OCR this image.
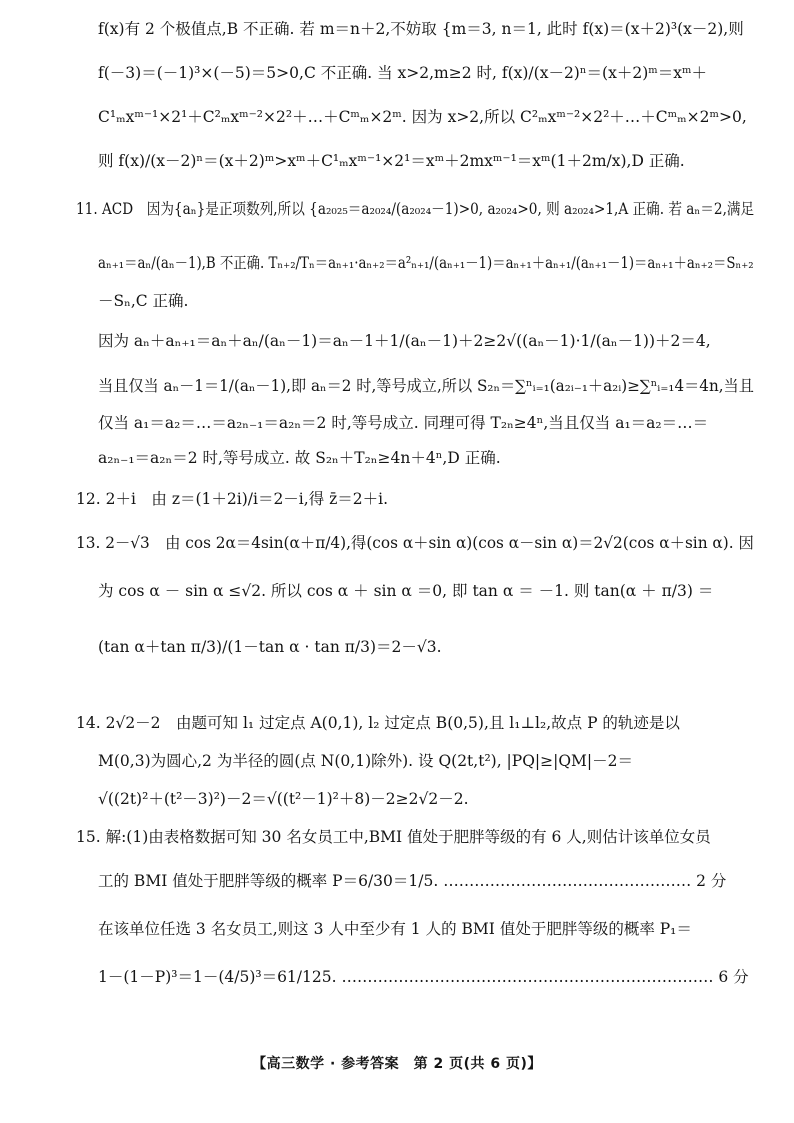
f(x)有 2 个极值点,B 不正确. 若 m＝n＋2,不妨取 {m＝3, n＝1, 此时 f(x)＝(x＋2)³(x－2),则
f(－3)＝(－1)³×(－5)＝5>0,C 不正确. 当 x>2,m≥2 时, f(x)/(x－2)ⁿ＝(x＋2)ᵐ＝xᵐ＋
C¹ₘxᵐ⁻¹×2¹＋C²ₘxᵐ⁻²×2²＋…＋Cᵐₘ×2ᵐ. 因为 x>2,所以 C²ₘxᵐ⁻²×2²＋…＋Cᵐₘ×2ᵐ>0,
则 f(x)/(x－2)ⁿ＝(x＋2)ᵐ>xᵐ＋C¹ₘxᵐ⁻¹×2¹＝xᵐ＋2mxᵐ⁻¹＝xᵐ(1＋2m/x),D 正确.
11. ACD　因为{aₙ}是正项数列,所以 {a₂₀₂₅＝a₂₀₂₄/(a₂₀₂₄－1)>0, a₂₀₂₄>0, 则 a₂₀₂₄>1,A 正确. 若 aₙ＝2,满足
aₙ₊₁＝aₙ/(aₙ－1),B 不正确. Tₙ₊₂/Tₙ＝aₙ₊₁·aₙ₊₂＝a²ₙ₊₁/(aₙ₊₁－1)＝aₙ₊₁＋aₙ₊₁/(aₙ₊₁－1)＝aₙ₊₁＋aₙ₊₂＝Sₙ₊₂
－Sₙ,C 正确.
因为 aₙ＋aₙ₊₁＝aₙ＋aₙ/(aₙ－1)＝aₙ－1＋1/(aₙ－1)＋2≥2√((aₙ－1)·1/(aₙ－1))＋2＝4,
当且仅当 aₙ－1＝1/(aₙ－1),即 aₙ＝2 时,等号成立,所以 S₂ₙ＝∑ⁿᵢ₌₁(a₂ᵢ₋₁＋a₂ᵢ)≥∑ⁿᵢ₌₁4＝4n,当且
仅当 a₁＝a₂＝…＝a₂ₙ₋₁＝a₂ₙ＝2 时,等号成立. 同理可得 T₂ₙ≥4ⁿ,当且仅当 a₁＝a₂＝…＝
a₂ₙ₋₁＝a₂ₙ＝2 时,等号成立. 故 S₂ₙ＋T₂ₙ≥4n＋4ⁿ,D 正确.
12. 2＋i　由 z＝(1＋2i)/i＝2－i,得 z̄＝2＋i.
13. 2－√3　由 cos 2α＝4sin(α＋π/4),得(cos α＋sin α)(cos α－sin α)＝2√2(cos α＋sin α). 因
为 cos α － sin α ≤√2. 所以 cos α ＋ sin α ＝0, 即 tan α ＝ －1. 则 tan(α ＋ π/3) ＝
(tan α＋tan π/3)/(1－tan α · tan π/3)＝2－√3.
14. 2√2－2　由题可知 l₁ 过定点 A(0,1), l₂ 过定点 B(0,5),且 l₁⊥l₂,故点 P 的轨迹是以
M(0,3)为圆心,2 为半径的圆(点 N(0,1)除外). 设 Q(2t,t²), |PQ|≥|QM|－2＝
√((2t)²＋(t²－3)²)－2＝√((t²－1)²＋8)－2≥2√2－2.
15. 解:(1)由表格数据可知 30 名女员工中,BMI 值处于肥胖等级的有 6 人,则估计该单位女员
工的 BMI 值处于肥胖等级的概率 P＝6/30＝1/5. ………………………………………… 2 分
在该单位任选 3 名女员工,则这 3 人中至少有 1 人的 BMI 值处于肥胖等级的概率 P₁＝
1－(1－P)³＝1－(4/5)³＝61/125. ……………………………………………………………… 6 分
【高三数学 · 参考答案　第 2 页(共 6 页)】
